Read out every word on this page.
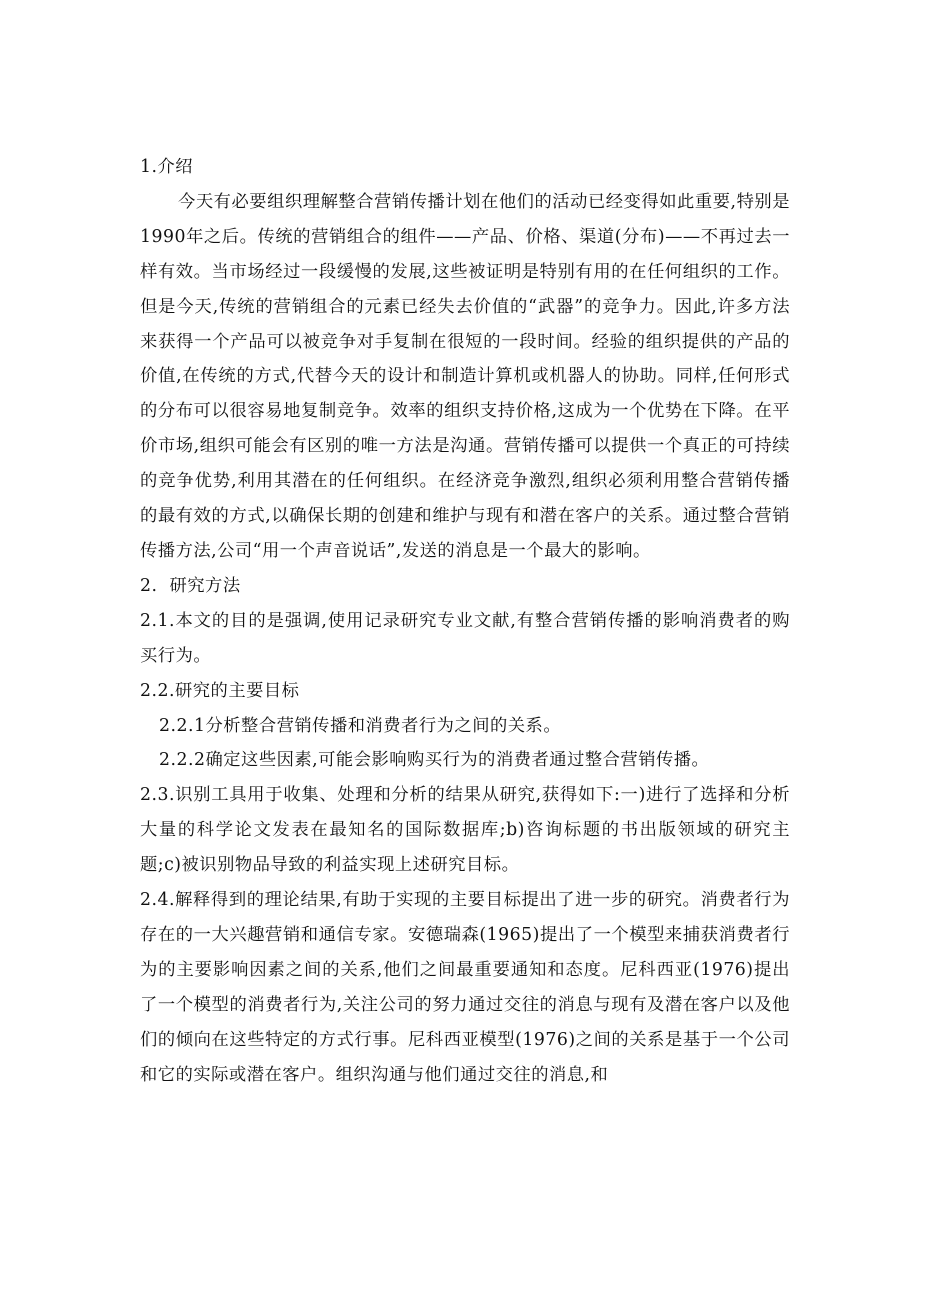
1.介绍

今天有必要组织理解整合营销传播计划在他们的活动已经变得如此重要,特别是1990年之后。传统的营销组合的组件——产品、价格、渠道(分布)——不再过去一样有效。当市场经过一段缓慢的发展,这些被证明是特别有用的在任何组织的工作。但是今天,传统的营销组合的元素已经失去价值的“武器”的竞争力。因此,许多方法来获得一个产品可以被竞争对手复制在很短的一段时间。经验的组织提供的产品的价值,在传统的方式,代替今天的设计和制造计算机或机器人的协助。同样,任何形式的分布可以很容易地复制竞争。效率的组织支持价格,这成为一个优势在下降。在平价市场,组织可能会有区别的唯一方法是沟通。营销传播可以提供一个真正的可持续的竞争优势,利用其潜在的任何组织。在经济竞争激烈,组织必须利用整合营销传播的最有效的方式,以确保长期的创建和维护与现有和潜在客户的关系。通过整合营销传播方法,公司“用一个声音说话”,发送的消息是一个最大的影响。

2.  研究方法

2.1.本文的目的是强调,使用记录研究专业文献,有整合营销传播的影响消费者的购买行为。

2.2.研究的主要目标

2.2.1分析整合营销传播和消费者行为之间的关系。

2.2.2确定这些因素,可能会影响购买行为的消费者通过整合营销传播。

2.3.识别工具用于收集、处理和分析的结果从研究,获得如下:一)进行了选择和分析大量的科学论文发表在最知名的国际数据库;b)咨询标题的书出版领域的研究主题;c)被识别物品导致的利益实现上述研究目标。

2.4.解释得到的理论结果,有助于实现的主要目标提出了进一步的研究。消费者行为存在的一大兴趣营销和通信专家。安德瑞森(1965)提出了一个模型来捕获消费者行为的主要影响因素之间的关系,他们之间最重要通知和态度。尼科西亚(1976)提出了一个模型的消费者行为,关注公司的努力通过交往的消息与现有及潜在客户以及他们的倾向在这些特定的方式行事。尼科西亚模型(1976)之间的关系是基于一个公司和它的实际或潜在客户。组织沟通与他们通过交往的消息,和
